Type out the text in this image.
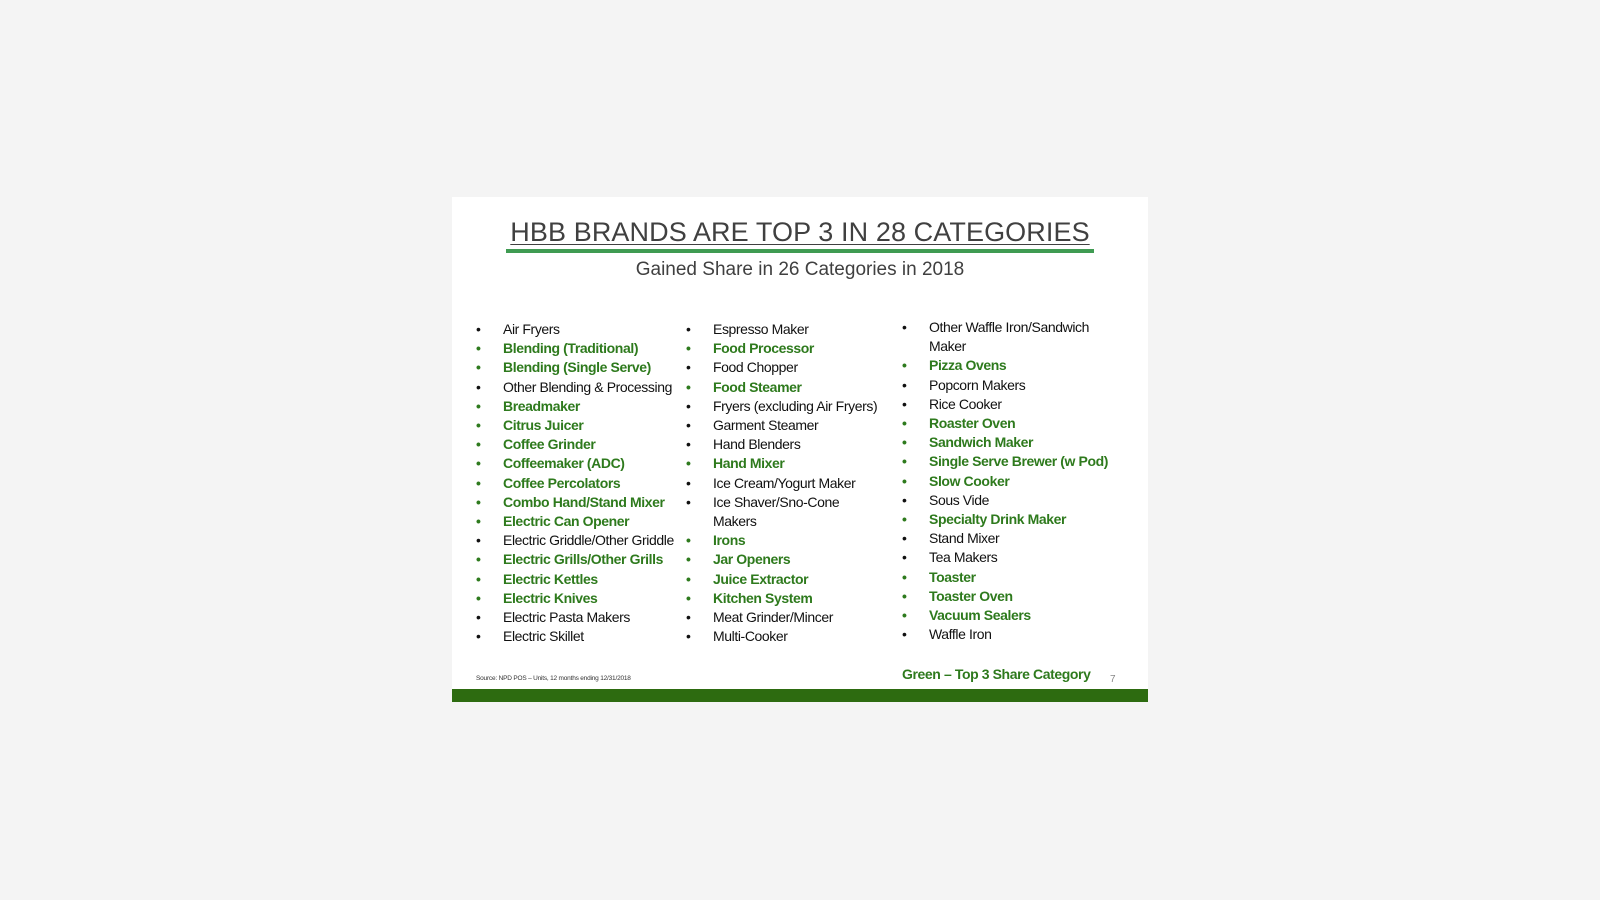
HBB BRANDS ARE TOP 3 IN 28 CATEGORIES
Gained Share in 26 Categories in 2018
• Air Fryers
• Blending (Traditional)
• Blending (Single Serve)
• Other Blending & Processing
• Breadmaker
• Citrus Juicer
• Coffee Grinder
• Coffeemaker (ADC)
• Coffee Percolators
• Combo Hand/Stand Mixer
• Electric Can Opener
• Electric Griddle/Other Griddle
• Electric Grills/Other Grills
• Electric Kettles
• Electric Knives
• Electric Pasta Makers
• Electric Skillet
• Espresso Maker
• Food Processor
• Food Chopper
• Food Steamer
• Fryers (excluding Air Fryers)
• Garment Steamer
• Hand Blenders
• Hand Mixer
• Ice Cream/Yogurt Maker
• Ice Shaver/Sno-Cone Makers
• Irons
• Jar Openers
• Juice Extractor
• Kitchen System
• Meat Grinder/Mincer
• Multi-Cooker
• Other Waffle Iron/Sandwich Maker
• Pizza Ovens
• Popcorn Makers
• Rice Cooker
• Roaster Oven
• Sandwich Maker
• Single Serve Brewer (w Pod)
• Slow Cooker
• Sous Vide
• Specialty Drink Maker
• Stand Mixer
• Tea Makers
• Toaster
• Toaster Oven
• Vacuum Sealers
• Waffle Iron
Source: NPD POS – Units, 12 months ending 12/31/2018	Green – Top 3 Share Category 7
